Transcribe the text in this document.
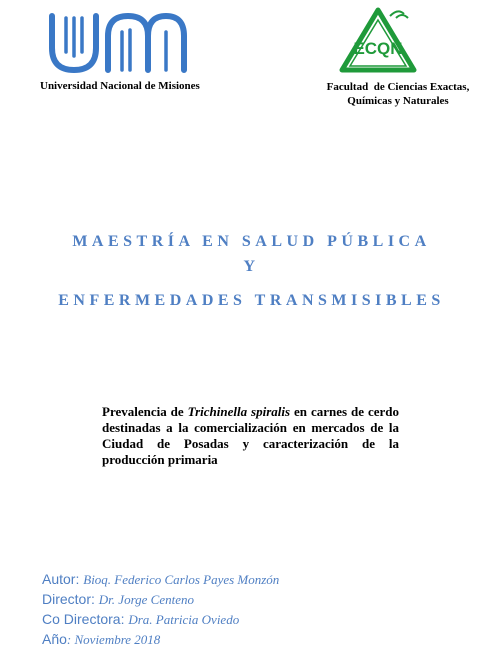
Universidad Nacional de Misiones
ECQN
Facultad  de Ciencias Exactas,
Químicas y Naturales
MAESTRÍA EN SALUD PÚBLICA
Y
ENFERMEDADES TRANSMISIBLES
Prevalencia de Trichinella spiralis en carnes de cerdo destinadas a la comercialización en mercados de la Ciudad de Posadas y caracterización de la producción primaria
Autor: Bioq. Federico Carlos Payes Monzón
Director: Dr. Jorge Centeno
Co Directora: Dra. Patricia Oviedo
Año: Noviembre 2018
